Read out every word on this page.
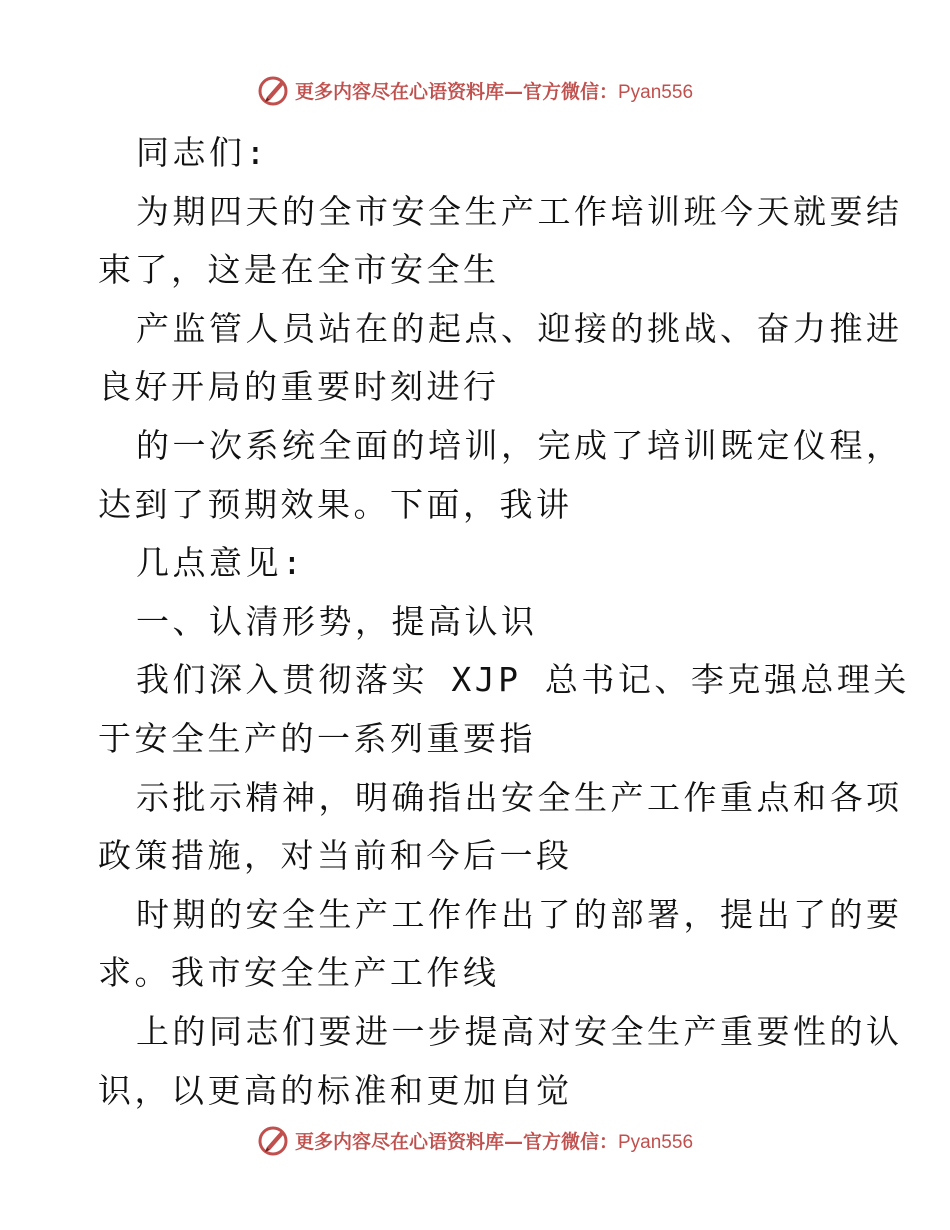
更多内容尽在心语资料库—官方微信：Pyan556
同志们:
为期四天的全市安全生产工作培训班今天就要结
束了，这是在全市安全生
产监管人员站在的起点、迎接的挑战、奋力推进
良好开局的重要时刻进行
的一次系统全面的培训，完成了培训既定仪程，
达到了预期效果。下面，我讲
几点意见:
一、认清形势，提高认识
我们深入贯彻落实 XJP 总书记、李克强总理关
于安全生产的一系列重要指
示批示精神，明确指出安全生产工作重点和各项
政策措施，对当前和今后一段
时期的安全生产工作作出了的部署，提出了的要
求。我市安全生产工作线
上的同志们要进一步提高对安全生产重要性的认
识，以更高的标准和更加自觉
更多内容尽在心语资料库—官方微信：Pyan556
